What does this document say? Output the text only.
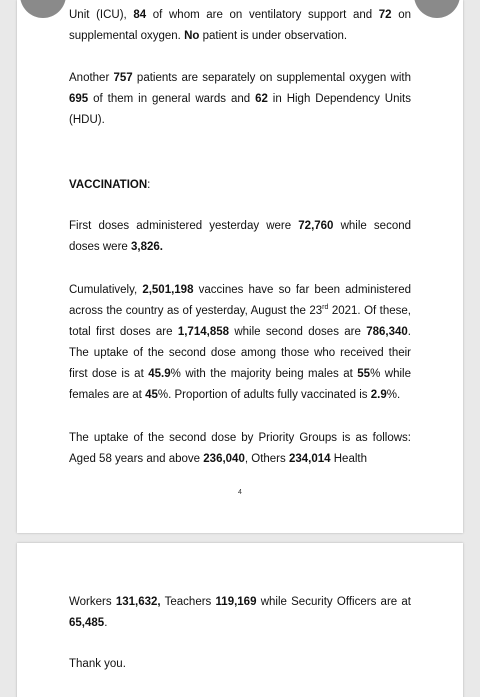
Unit (ICU), 84 of whom are on ventilatory support and 72 on supplemental oxygen. No patient is under observation.

Another 757 patients are separately on supplemental oxygen with 695 of them in general wards and 62 in High Dependency Units (HDU).

VACCINATION:

First doses administered yesterday were 72,760 while second doses were 3,826.

Cumulatively, 2,501,198 vaccines have so far been administered across the country as of yesterday, August the 23rd 2021. Of these, total first doses are 1,714,858 while second doses are 786,340. The uptake of the second dose among those who received their first dose is at 45.9% with the majority being males at 55% while females are at 45%. Proportion of adults fully vaccinated is 2.9%.

The uptake of the second dose by Priority Groups is as follows: Aged 58 years and above 236,040, Others 234,014 Health

4

Workers 131,632, Teachers 119,169 while Security Officers are at 65,485.

Thank you.
